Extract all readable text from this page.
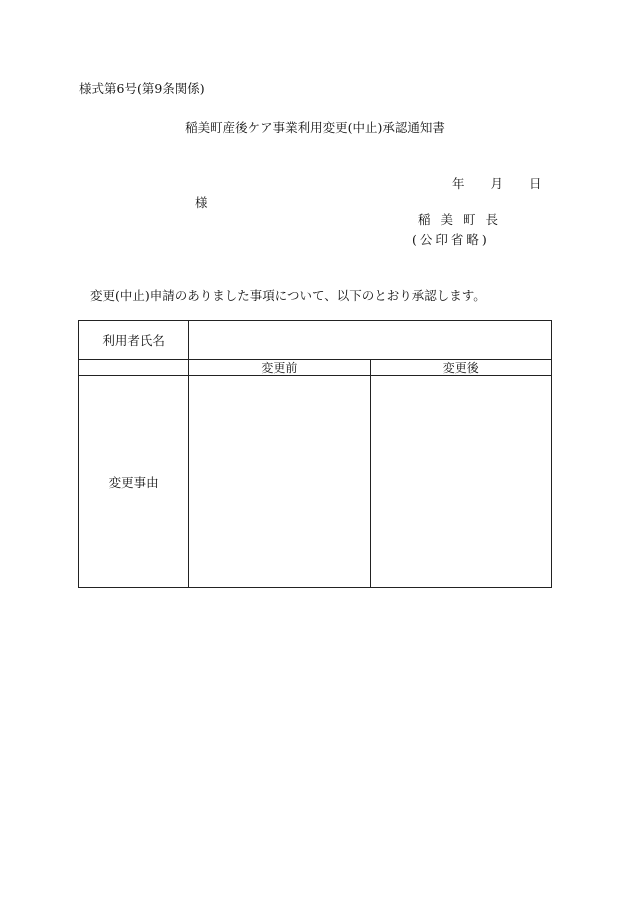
様式第6号(第9条関係)
稲美町産後ケア事業利用変更(中止)承認通知書
年 月 日
様
稲美町長
(公印省略)
変更(中止)申請のありました事項について、以下のとおり承認します。
利用者氏名		
	変更前	変更後
変更事由		
